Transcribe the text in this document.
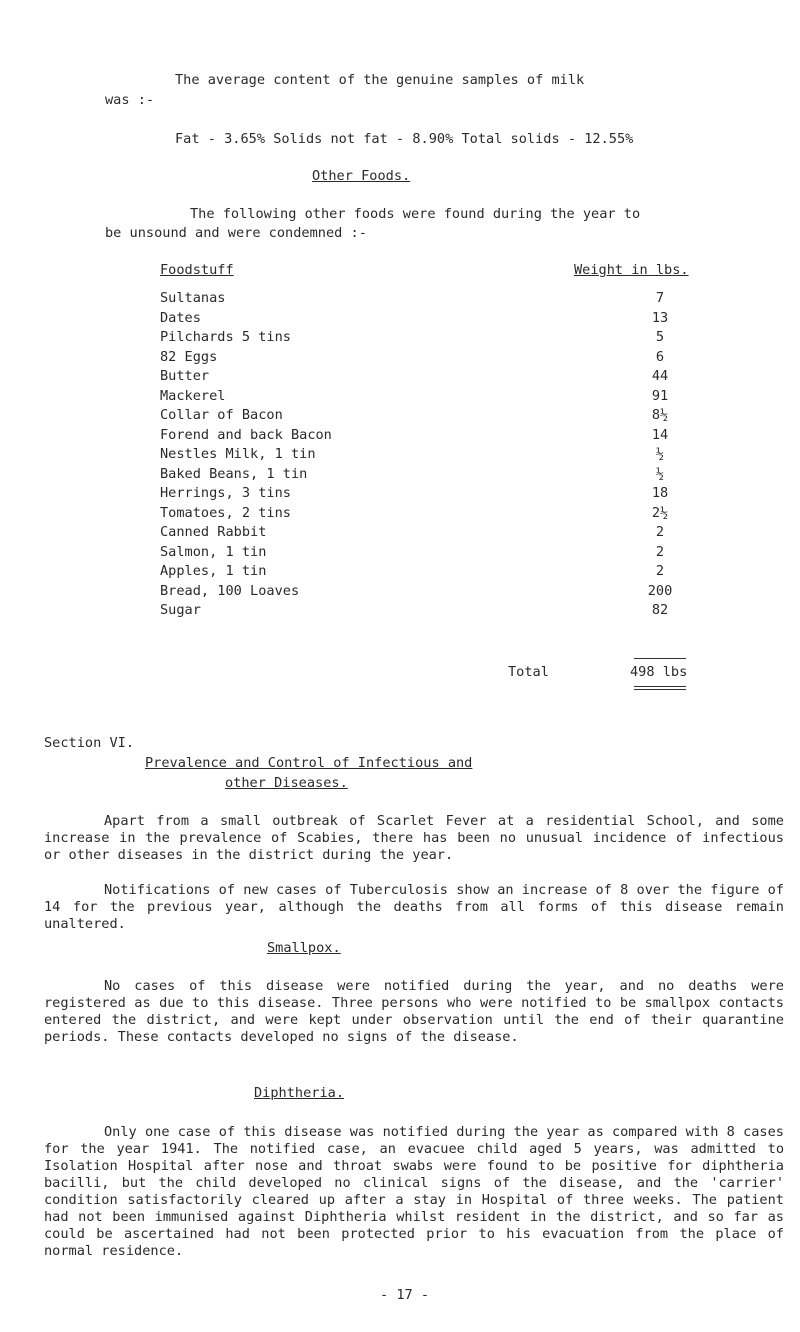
The average content of the genuine samples of milk
was :-
Fat - 3.65% Solids not fat - 8.90% Total solids - 12.55%
Other Foods.
The following other foods were found during the year to
be unsound and were condemned :-
Foodstuff	Weight in lbs.
Sultanas	7
Dates	13
Pilchards 5 tins	5
82 Eggs	6
Butter	44
Mackerel	91
Collar of Bacon	8½
Forend and back Bacon	14
Nestles Milk, 1 tin	½
Baked Beans, 1 tin	½
Herrings, 3 tins	18
Tomatoes, 2 tins	2½
Canned Rabbit	2
Salmon, 1 tin	2
Apples, 1 tin	2
Bread, 100 Loaves	200
Sugar	82
Total	498 lbs
Section VI.
Prevalence and Control of Infectious and
other Diseases.
Apart from a small outbreak of Scarlet Fever at a residential School, and some increase in the prevalence of Scabies, there has been no unusual incidence of infectious or other diseases in the district during the year.
Notifications of new cases of Tuberculosis show an increase of 8 over the figure of 14 for the previous year, although the deaths from all forms of this disease remain unaltered.
Smallpox.
No cases of this disease were notified during the year, and no deaths were registered as due to this disease. Three persons who were notified to be smallpox contacts entered the district, and were kept under observation until the end of their quarantine periods. These contacts developed no signs of the disease.
Diphtheria.
Only one case of this disease was notified during the year as compared with 8 cases for the year 1941. The notified case, an evacuee child aged 5 years, was admitted to Isolation Hospital after nose and throat swabs were found to be positive for diphtheria bacilli, but the child developed no clinical signs of the disease, and the 'carrier' condition satisfactorily cleared up after a stay in Hospital of three weeks. The patient had not been immunised against Diphtheria whilst resident in the district, and so far as could be ascertained had not been protected prior to his evacuation from the place of normal residence.
- 17 -
